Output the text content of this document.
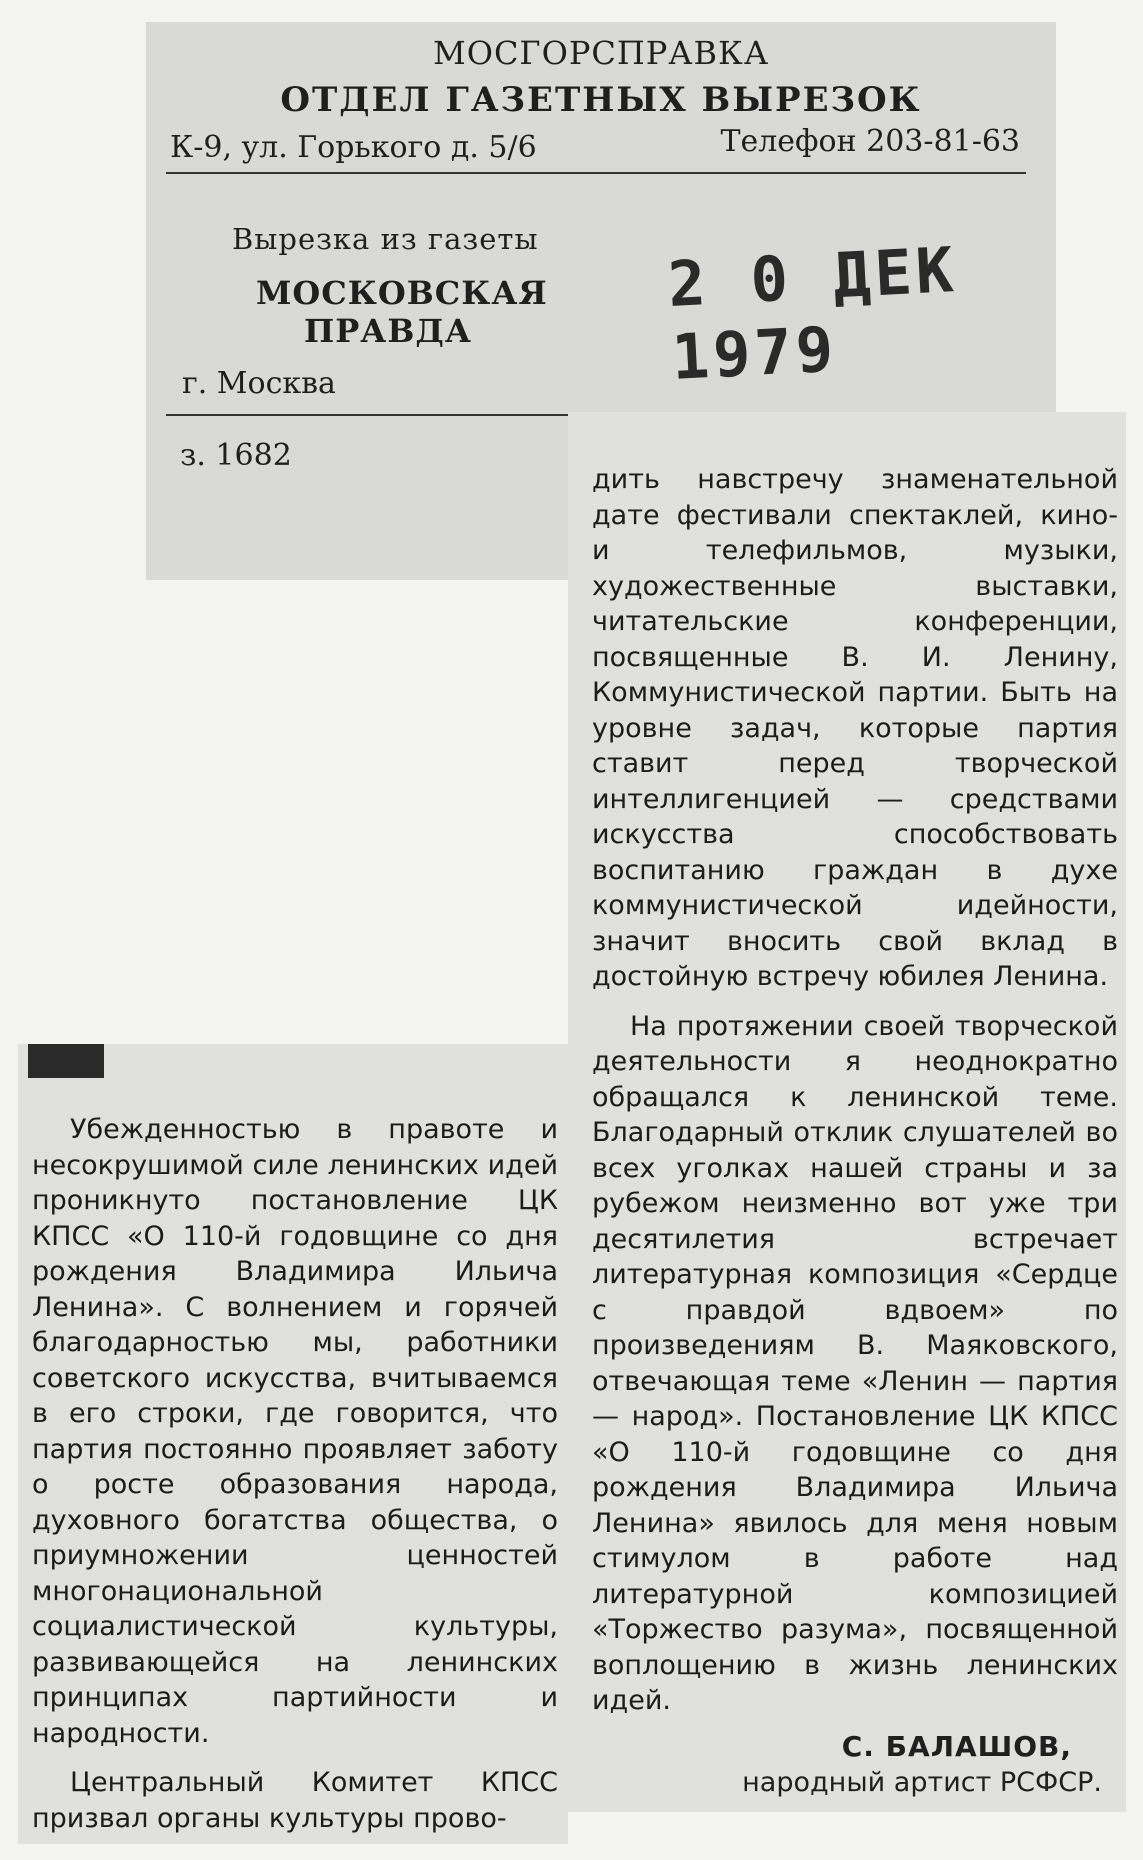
МОСГОРСПРАВКА
ОТДЕЛ ГАЗЕТНЫХ ВЫРЕЗОК
К-9, ул. Горького д. 5/6	Телефон 203-81-63
Вырезка из газеты
МОСКОВСКАЯ
ПРАВДА
г. Москва
з. 1682
2 0 ДЕК 1979

дить навстречу знаменательной дате фестивали спектаклей, кино- и телефильмов, музыки, художественные выставки, читательские конференции, посвященные В. И. Ленину, Коммунистической партии. Быть на уровне задач, которые партия ставит перед творческой интеллигенцией — средствами искусства способствовать воспитанию граждан в духе коммунистической идейности, значит вносить свой вклад в достойную встречу юбилея Ленина.

На протяжении своей творческой деятельности я неоднократно обращался к ленинской теме. Благодарный отклик слушателей во всех уголках нашей страны и за рубежом неизменно вот уже три десятилетия встречает литературная композиция «Сердце с правдой вдвоем» по произведениям В. Маяковского, отвечающая теме «Ленин — партия — народ». Постановление ЦК КПСС «О 110-й годовщине со дня рождения Владимира Ильича Ленина» явилось для меня новым стимулом в работе над литературной композицией «Торжество разума», посвященной воплощению в жизнь ленинских идей.

С. БАЛАШОВ,
народный артист РСФСР.

Убежденностью в правоте и несокрушимой силе ленинских идей проникнуто постановление ЦК КПСС «О 110-й годовщине со дня рождения Владимира Ильича Ленина». С волнением и горячей благодарностью мы, работники советского искусства, вчитываемся в его строки, где говорится, что партия постоянно проявляет заботу о росте образования народа, духовного богатства общества, о приумножении ценностей многонациональной социалистической культуры, развивающейся на ленинских принципах партийности и народности.

Центральный Комитет КПСС призвал органы культуры прово-
